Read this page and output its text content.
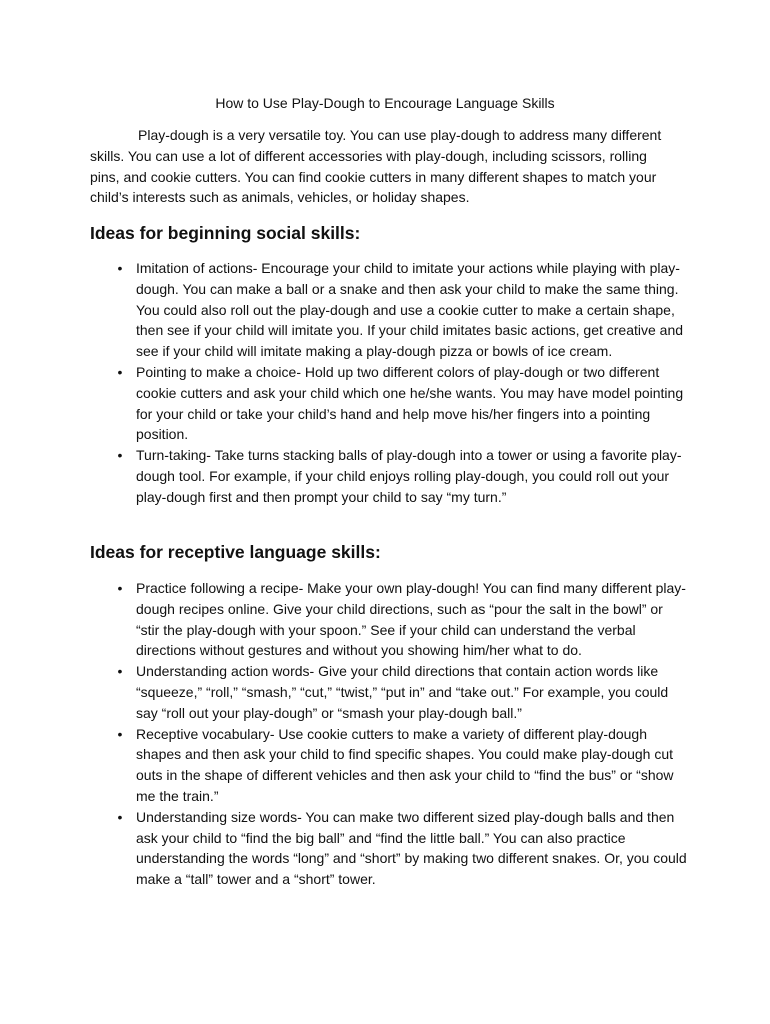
How to Use Play-Dough to Encourage Language Skills

Play-dough is a very versatile toy. You can use play-dough to address many different skills. You can use a lot of different accessories with play-dough, including scissors, rolling pins, and cookie cutters. You can find cookie cutters in many different shapes to match your child’s interests such as animals, vehicles, or holiday shapes.

Ideas for beginning social skills:
• Imitation of actions- Encourage your child to imitate your actions while playing with play-dough. You can make a ball or a snake and then ask your child to make the same thing. You could also roll out the play-dough and use a cookie cutter to make a certain shape, then see if your child will imitate you. If your child imitates basic actions, get creative and see if your child will imitate making a play-dough pizza or bowls of ice cream.
• Pointing to make a choice- Hold up two different colors of play-dough or two different cookie cutters and ask your child which one he/she wants. You may have model pointing for your child or take your child’s hand and help move his/her fingers into a pointing position.
• Turn-taking- Take turns stacking balls of play-dough into a tower or using a favorite play-dough tool. For example, if your child enjoys rolling play-dough, you could roll out your play-dough first and then prompt your child to say “my turn.”
Ideas for receptive language skills:
• Practice following a recipe- Make your own play-dough! You can find many different play-dough recipes online. Give your child directions, such as “pour the salt in the bowl” or “stir the play-dough with your spoon.” See if your child can understand the verbal directions without gestures and without you showing him/her what to do.
• Understanding action words- Give your child directions that contain action words like “squeeze,” “roll,” “smash,” “cut,” “twist,” “put in” and “take out.” For example, you could say “roll out your play-dough” or “smash your play-dough ball.”
• Receptive vocabulary- Use cookie cutters to make a variety of different play-dough shapes and then ask your child to find specific shapes. You could make play-dough cut outs in the shape of different vehicles and then ask your child to “find the bus” or “show me the train.”
• Understanding size words- You can make two different sized play-dough balls and then ask your child to “find the big ball” and “find the little ball.” You can also practice understanding the words “long” and “short” by making two different snakes. Or, you could make a “tall” tower and a “short” tower.
